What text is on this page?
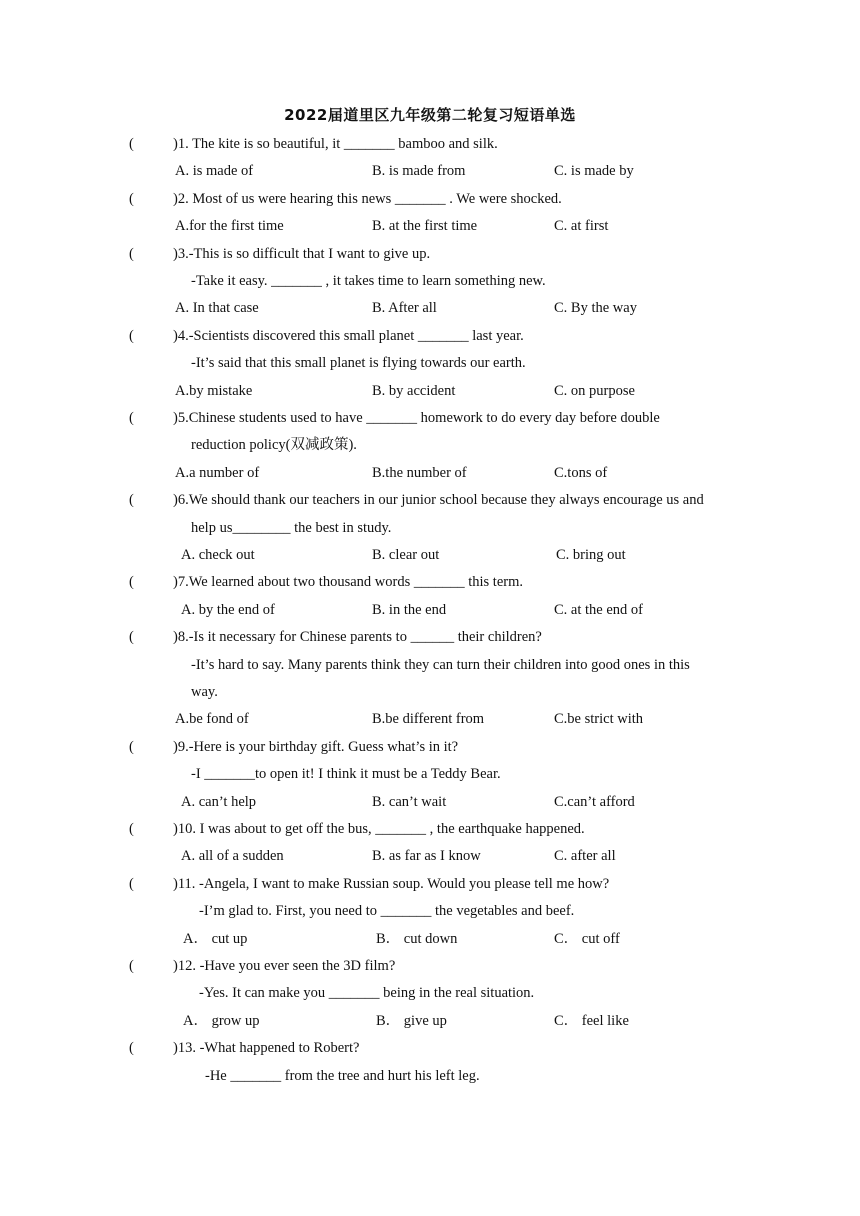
2022届道里区九年级第二轮复习短语单选
(	)1. The kite is so beautiful, it _______ bamboo and silk.
A. is made of	B. is made from	C. is made by
(	)2. Most of us were hearing this news _______ . We were shocked.
A.for the first time	B. at the first time	C. at first
(	)3.-This is so difficult that I want to give up.
-Take it easy. _______ , it takes time to learn something new.
A. In that case	B. After all	C. By the way
(	)4.-Scientists discovered this small planet _______ last year.
-It’s said that this small planet is flying towards our earth.
A.by mistake	B. by accident	C. on purpose
(	)5.Chinese students used to have _______ homework to do every day before double
reduction policy(双减政策).
A.a number of	B.the number of	C.tons of
(	)6.We should thank our teachers in our junior school because they always encourage us and
help us________ the best in study.
A. check out	B. clear out	C. bring out
(	)7.We learned about two thousand words _______ this term.
A. by the end of	B. in the end	C. at the end of
(	)8.-Is it necessary for Chinese parents to ______ their children?
-It’s hard to say. Many parents think they can turn their children into good ones in this
way.
A.be fond of	B.be different from	C.be strict with
(	)9.-Here is your birthday gift. Guess what’s in it?
-I _______to open it! I think it must be a Teddy Bear.
A. can’t help	B. can’t wait	C.can’t afford
(	)10. I was about to get off the bus, _______ , the earthquake happened.
A. all of a sudden	B. as far as I know	C. after all
(	)11. -Angela, I want to make Russian soup. Would you please tell me how?
-I’m glad to. First, you need to _______ the vegetables and beef.
A． cut up	B． cut down	C． cut off
(	)12. -Have you ever seen the 3D film?
-Yes. It can make you _______ being in the real situation.
A． grow up	B． give up	C． feel like
(	)13. -What happened to Robert?
-He _______ from the tree and hurt his left leg.
